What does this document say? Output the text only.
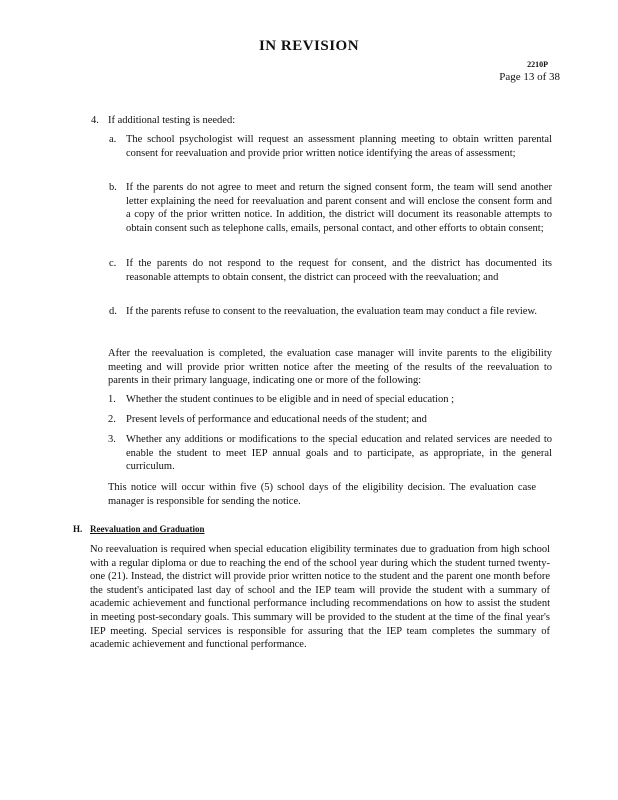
IN REVISION
2210P
Page 13 of 38
4. If additional testing is needed:
a. The school psychologist will request an assessment planning meeting to obtain written parental consent for reevaluation and provide prior written notice identifying the areas of assessment;
b. If the parents do not agree to meet and return the signed consent form, the team will send another letter explaining the need for reevaluation and parent consent and will enclose the consent form and a copy of the prior written notice. In addition, the district will document its reasonable attempts to obtain consent such as telephone calls, emails, personal contact, and other efforts to obtain consent;
c. If the parents do not respond to the request for consent, and the district has documented its reasonable attempts to obtain consent, the district can proceed with the reevaluation; and
d. If the parents refuse to consent to the reevaluation, the evaluation team may conduct a file review.
After the reevaluation is completed, the evaluation case manager will invite parents to the eligibility meeting and will provide prior written notice after the meeting of the results of the reevaluation to parents in their primary language, indicating one or more of the following:
1. Whether the student continues to be eligible and in need of special education ;
2. Present levels of performance and educational needs of the student; and
3. Whether any additions or modifications to the special education and related services are needed to enable the student to meet IEP annual goals and to participate, as appropriate, in the general curriculum.
This notice will occur within five (5) school days of the eligibility decision. The evaluation case manager is responsible for sending the notice.
H. Reevaluation and Graduation
No reevaluation is required when special education eligibility terminates due to graduation from high school with a regular diploma or due to reaching the end of the school year during which the student turned twenty-one (21). Instead, the district will provide prior written notice to the student and the parent one month before the student's anticipated last day of school and the IEP team will provide the student with a summary of academic achievement and functional performance including recommendations on how to assist the student in meeting post-secondary goals. This summary will be provided to the student at the time of the final year's IEP meeting. Special services is responsible for assuring that the IEP team completes the summary of academic achievement and functional performance.
